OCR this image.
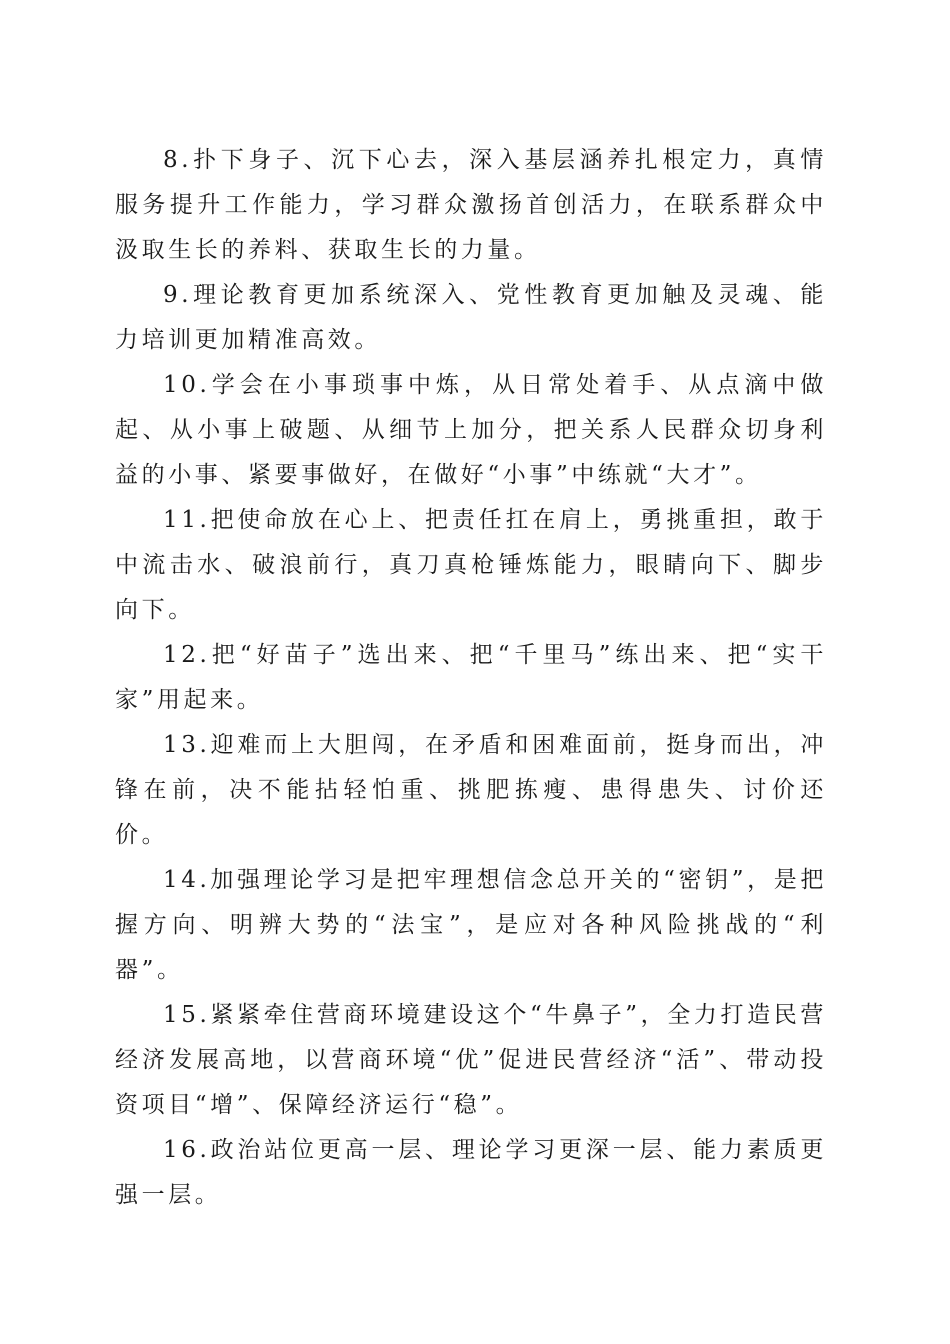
8.扑下身子、沉下心去，深入基层涵养扎根定力，真情服务提升工作能力，学习群众激扬首创活力，在联系群众中汲取生长的养料、获取生长的力量。

9.理论教育更加系统深入、党性教育更加触及灵魂、能力培训更加精准高效。

10.学会在小事琐事中炼，从日常处着手、从点滴中做起、从小事上破题、从细节上加分，把关系人民群众切身利益的小事、紧要事做好，在做好“小事”中练就“大才”。

11.把使命放在心上、把责任扛在肩上，勇挑重担，敢于中流击水、破浪前行，真刀真枪锤炼能力，眼睛向下、脚步向下。

12.把“好苗子”选出来、把“千里马”练出来、把“实干家”用起来。

13.迎难而上大胆闯，在矛盾和困难面前，挺身而出，冲锋在前，决不能拈轻怕重、挑肥拣瘦、患得患失、讨价还价。

14.加强理论学习是把牢理想信念总开关的“密钥”，是把握方向、明辨大势的“法宝”，是应对各种风险挑战的“利器”。

15.紧紧牵住营商环境建设这个“牛鼻子”，全力打造民营经济发展高地，以营商环境“优”促进民营经济“活”、带动投资项目“增”、保障经济运行“稳”。

16.政治站位更高一层、理论学习更深一层、能力素质更强一层。
